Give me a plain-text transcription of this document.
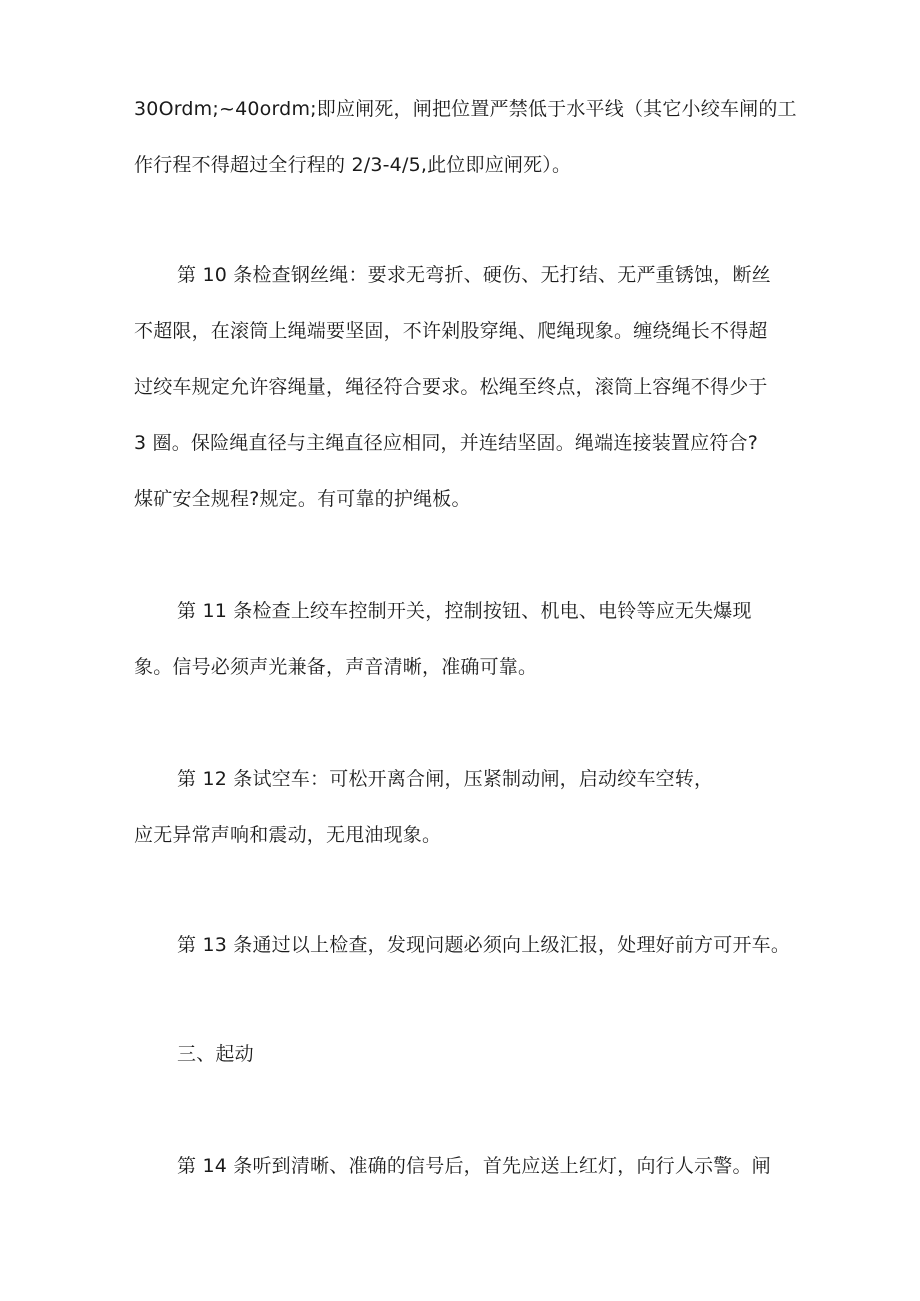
30Ordm;~40ordm;即应闸死，闸把位置严禁低于水平线（其它小绞车闸的工
作行程不得超过全行程的 2/3-4/5,此位即应闸死）。
第 10 条检查钢丝绳：要求无弯折、硬伤、无打结、无严重锈蚀，断丝
不超限，在滚筒上绳端要坚固，不许剁股穿绳、爬绳现象。缠绕绳长不得超
过绞车规定允许容绳量，绳径符合要求。松绳至终点，滚筒上容绳不得少于
3 圈。保险绳直径与主绳直径应相同，并连结坚固。绳端连接装置应符合?
煤矿安全规程?规定。有可靠的护绳板。
第 11 条检查上绞车控制开关，控制按钮、机电、电铃等应无失爆现
象。信号必须声光兼备，声音清晰，准确可靠。
第 12 条试空车：可松开离合闸，压紧制动闸，启动绞车空转，
应无异常声响和震动，无甩油现象。
第 13 条通过以上检查，发现问题必须向上级汇报，处理好前方可开车。
三、起动
第 14 条听到清晰、准确的信号后，首先应送上红灯，向行人示警。闸
